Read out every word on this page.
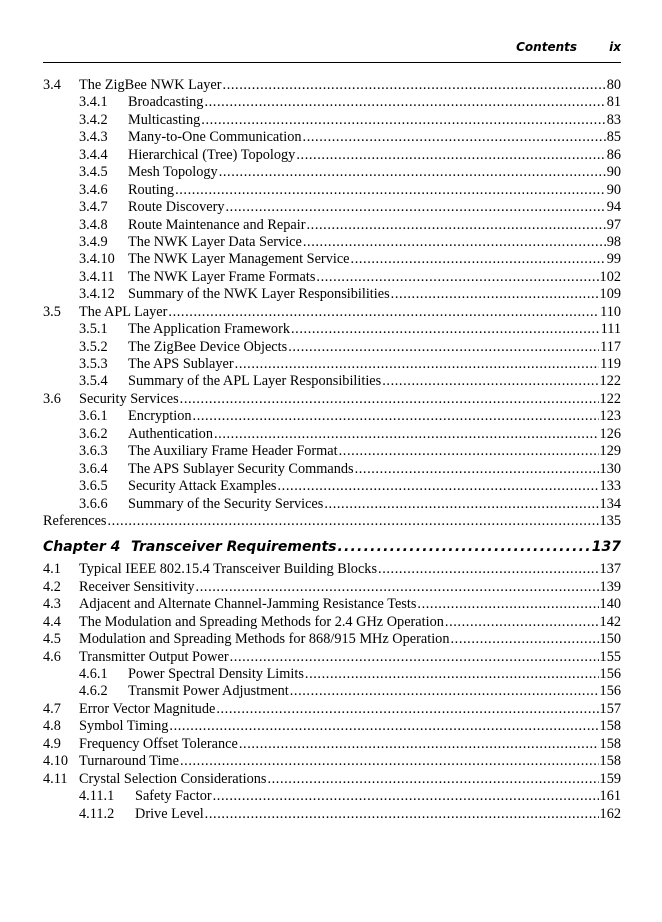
Contents	ix
3.4	The ZigBee NWK Layer .....	80
3.4.1	Broadcasting .....	81
3.4.2	Multicasting .....	83
3.4.3	Many-to-One Communication .....	85
3.4.4	Hierarchical (Tree) Topology .....	86
3.4.5	Mesh Topology .....	90
3.4.6	Routing .....	90
3.4.7	Route Discovery .....	94
3.4.8	Route Maintenance and Repair .....	97
3.4.9	The NWK Layer Data Service .....	98
3.4.10 The NWK Layer Management Service .....	99
3.4.11 The NWK Layer Frame Formats .....	102
3.4.12 Summary of the NWK Layer Responsibilities .....	109
3.5	The APL Layer .....	110
3.5.1	The Application Framework .....	111
3.5.2	The ZigBee Device Objects .....	117
3.5.3	The APS Sublayer .....	119
3.5.4	Summary of the APL Layer Responsibilities .....	122
3.6	Security Services .....	122
3.6.1	Encryption .....	123
3.6.2	Authentication .....	126
3.6.3	The Auxiliary Frame Header Format .....	129
3.6.4	The APS Sublayer Security Commands .....	130
3.6.5	Security Attack Examples .....	133
3.6.6	Summary of the Security Services .....	134
References .....	135
Chapter 4 Transceiver Requirements .....	137
4.1	Typical IEEE 802.15.4 Transceiver Building Blocks .....	137
4.2	Receiver Sensitivity .....	139
4.3	Adjacent and Alternate Channel-Jamming Resistance Tests .....	140
4.4	The Modulation and Spreading Methods for 2.4 GHz Operation .....	142
4.5	Modulation and Spreading Methods for 868/915 MHz Operation .....	150
4.6	Transmitter Output Power .....	155
4.6.1	Power Spectral Density Limits .....	156
4.6.2	Transmit Power Adjustment .....	156
4.7	Error Vector Magnitude .....	157
4.8	Symbol Timing .....	158
4.9	Frequency Offset Tolerance .....	158
4.10 Turnaround Time .....	158
4.11 Crystal Selection Considerations .....	159
4.11.1	Safety Factor .....	161
4.11.2	Drive Level .....	162
